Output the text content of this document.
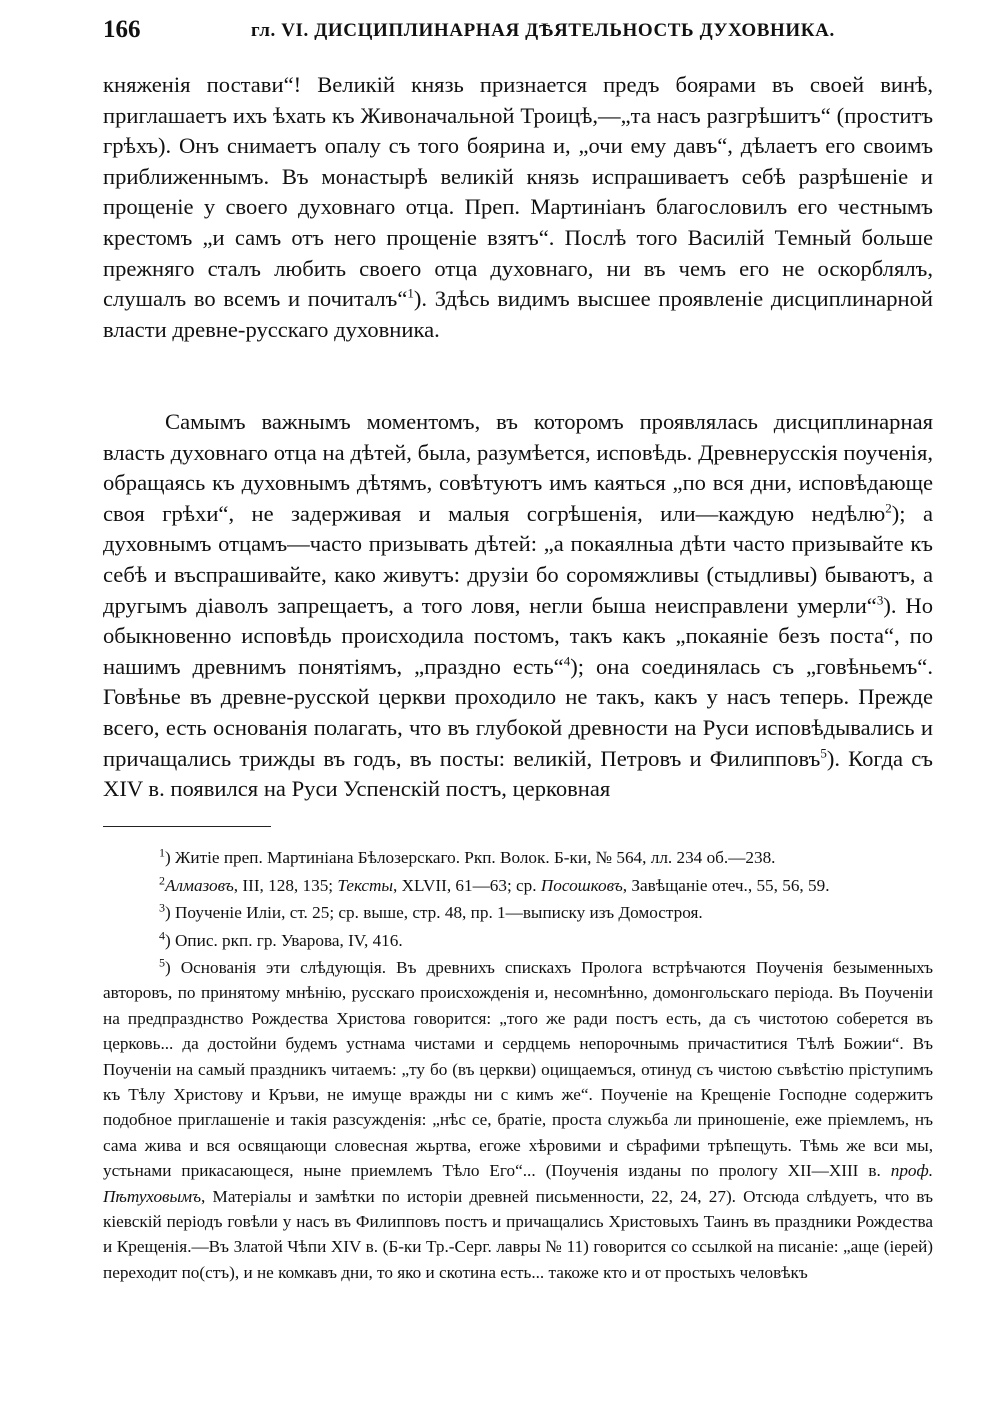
166	гл. VI. ДИСЦИПЛИНАРНАЯ ДѢЯТЕЛЬНОСТЬ ДУХОВНИКА.

княженія постави“! Великій князь признается предъ боярами въ своей винѣ, приглашаетъ ихъ ѣхать къ Живоначальной Троицѣ,—„та насъ разгрѣшитъ“ (проститъ грѣхъ). Онъ снимаетъ опалу съ того боярина и, „очи ему давъ“, дѣлаетъ его своимъ приближеннымъ. Въ монастырѣ великій князь испрашиваетъ себѣ разрѣшеніе и прощеніе у своего духовнаго отца. Преп. Мартиніанъ благословилъ его честнымъ крестомъ „и самъ отъ него прощеніе взятъ“. Послѣ того Василій Темный больше прежняго сталъ любить своего отца духовнаго, ни въ чемъ его не оскорблялъ, слушалъ во всемъ и почиталъ“$^1$). Здѣсь видимъ высшее проявленіе дисциплинарной власти древне-русскаго духовника.

Самымъ важнымъ моментомъ, въ которомъ проявлялась дисциплинарная власть духовнаго отца на дѣтей, была, разумѣется, исповѣдь. Древнерусскія поученія, обращаясь къ духовнымъ дѣтямъ, совѣтуютъ имъ каяться „по вся дни, исповѣдающе своя грѣхи“, не задерживая и малыя согрѣшенія, или—каждую недѣлю$^2$); а духовнымъ отцамъ—часто призывать дѣтей: „а покаялныа дѣти часто призывайте къ себѣ и въспрашивайте, како живутъ: друзіи бо соромяжливы (стыдливы) бываютъ, а другымъ діаволъ запрещаетъ, а того ловя, негли быша неисправлени умерли“$^3$). Но обыкновенно исповѣдь происходила постомъ, такъ какъ „покаяніе безъ поста“, по нашимъ древнимъ понятіямъ, „праздно есть“$^4$); она соединялась съ „говѣньемъ“. Говѣнье въ древне-русской церкви проходило не такъ, какъ у насъ теперь. Прежде всего, есть основанія полагать, что въ глубокой древности на Руси исповѣдывались и причащались трижды въ годъ, въ посты: великій, Петровъ и Филипповъ$^5$). Когда съ XIV в. появился на Руси Успенскій постъ, церковная

$^1$) Житіе преп. Мартиніана Бѣлозерскаго. Ркп. Волок. Б-ки, № 564, лл. 234 об.—238.

$^2$Алмазовъ, III, 128, 135; Тексты, XLVII, 61—63; ср. Посошковъ, Завѣщаніе отеч., 55, 56, 59.

$^3$) Поученіе Иліи, ст. 25; ср. выше, стр. 48, пр. 1—выписку изъ Домостроя.

$^4$) Опис. ркп. гр. Уварова, IV, 416.

$^5$) Основанія эти слѣдующія. Въ древнихъ спискахъ Пролога встрѣчаются Поученія безыменныхъ авторовъ, по принятому мнѣнію, русскаго происхожденія и, несомнѣнно, домонгольскаго періода. Въ Поученіи на предпразднство Рождества Христова говорится: „того же ради постъ есть, да съ чистотою соберется въ церковь... да достойни будемъ устнама чистами и сердцемь непорочнымь причаститися Тѣлѣ Божии“. Въ Поученіи на самый праздникъ читаемъ: „ту бо (въ церкви) оцищаемъся, отинуд съ чистою съвѣстію пріступимъ къ Тѣлу Христову и Кръви, не имуще вражды ни с кимъ же“. Поученіе на Крещеніе Господне содержитъ подобное приглашеніе и такія разсужденія: „нѣс се, братіе, проста служьба ли приношеніе, еже пріемлемъ, нъ сама жива и вся освящающи словесная жьртва, егоже хѣровими и сѣрафими трѣпещуть. Тѣмь же вси мы, устьнами прикасающеся, ныне приемлемъ Тѣло Его“... (Поученія изданы по прологу XII—XIII в. проф. Пѣтуховымъ, Матеріалы и замѣтки по исторіи древней письменности, 22, 24, 27). Отсюда слѣдуетъ, что въ кіевскій періодъ говѣли у насъ въ Филипповъ постъ и причащались Христовыхъ Таинъ въ праздники Рождества и Крещенія.—Въ Златой Чѣпи XIV в. (Б-ки Тр.-Серг. лавры № 11) говорится со ссылкой на писаніе: „аще (іерей) переходит по(стъ), и не комкавъ дни, то яко и скотина есть... такоже кто и от простыхъ человѣкъ
